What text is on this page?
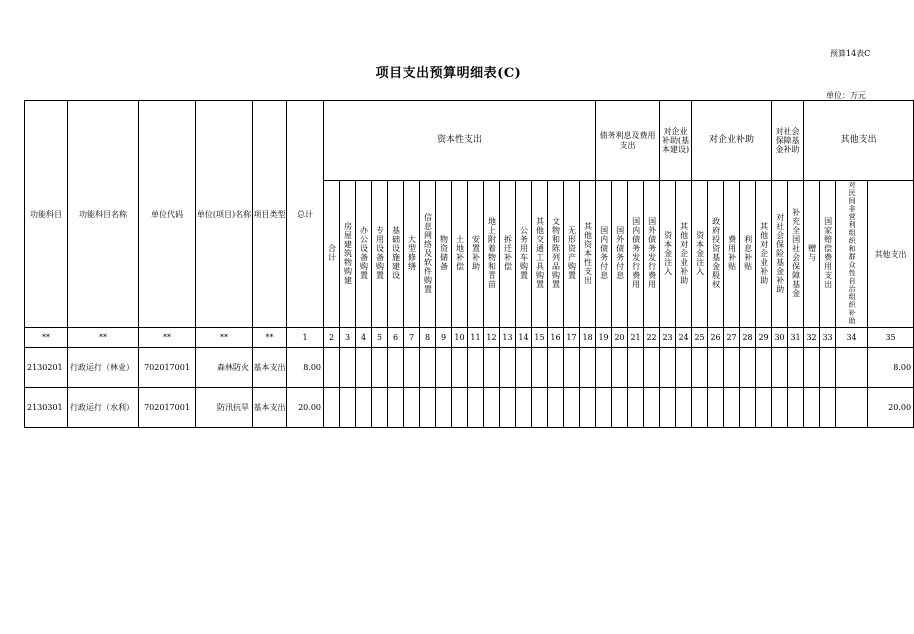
预算14表C
项目支出预算明细表(C)
单位：万元
功能科目	功能科目名称	单位代码	单位(项目)名称	项目类型	总计	资本性支出																	债务利息及费用支出				对企业补助(基本建设)		对企业补助					对社会保障基金补助		其他支出			
						合计	房屋建筑物购建	办公设备购置	专用设备购置	基础设施建设	大型修缮	信息网络及软件购置	物资储备	土地补偿	安置补助	地上附着物和青苗	拆迁补偿	公务用车购置	其他交通工具购置	文物和陈列品购置	无形资产购置	其他资本性支出	国内债务付息	国外债务付息	国内债务发行费用	国外债务发行费用	资本金注入	其他对企业补助	资本金注入	政府投资基金股权	费用补贴	利息补贴	其他对企业补助	对社会保险基金补助	补充全国社会保障基金	赠与	国家赔偿费用支出	对民间非营利组织和群众性自治组织补助	其他支出
**	**	**	**	**	1	2	3	4	5	6	7	8	9	10	11	12	13	14	15	16	17	18	19	20	21	22	23	24	25	26	27	28	29	30	31	32	33	34	35
2130201	行政运行（林业）	702017001	森林防火	基本支出	8.00																																		8.00
2130301	行政运行（水利）	702017001	防汛抗旱	基本支出	20.00																																		20.00
